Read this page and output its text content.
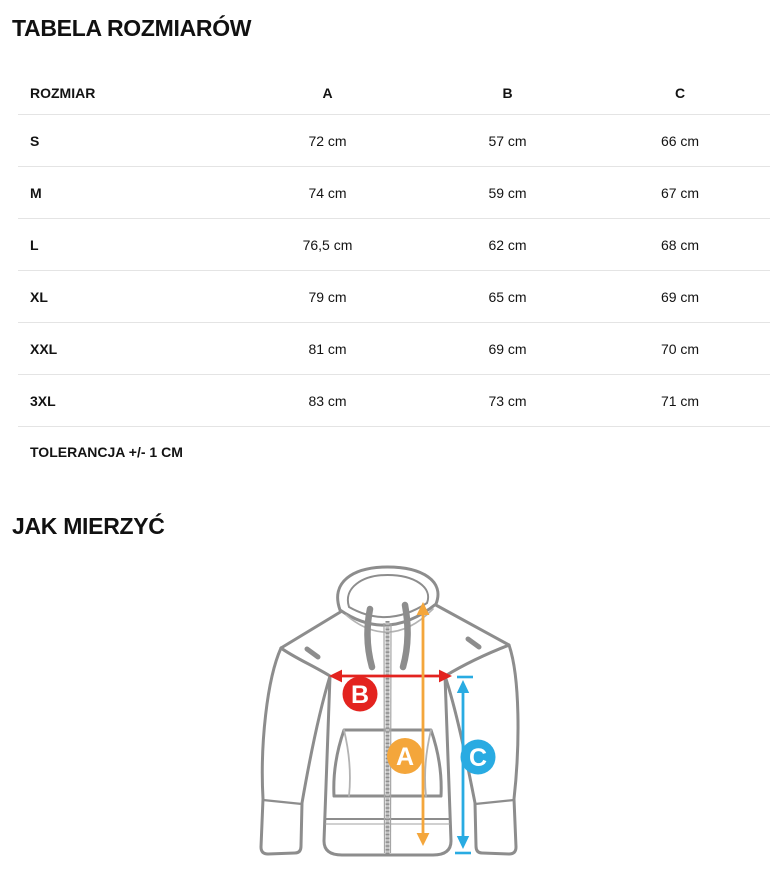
TABELA ROZMIARÓW
ROZMIAR	A	B	C
S	72 cm	57 cm	66 cm
M	74 cm	59 cm	67 cm
L	76,5 cm	62 cm	68 cm
XL	79 cm	65 cm	69 cm
XXL	81 cm	69 cm	70 cm
3XL	83 cm	73 cm	71 cm
TOLERANCJA +/- 1 CM
JAK MIERZYĆ
B
A C
